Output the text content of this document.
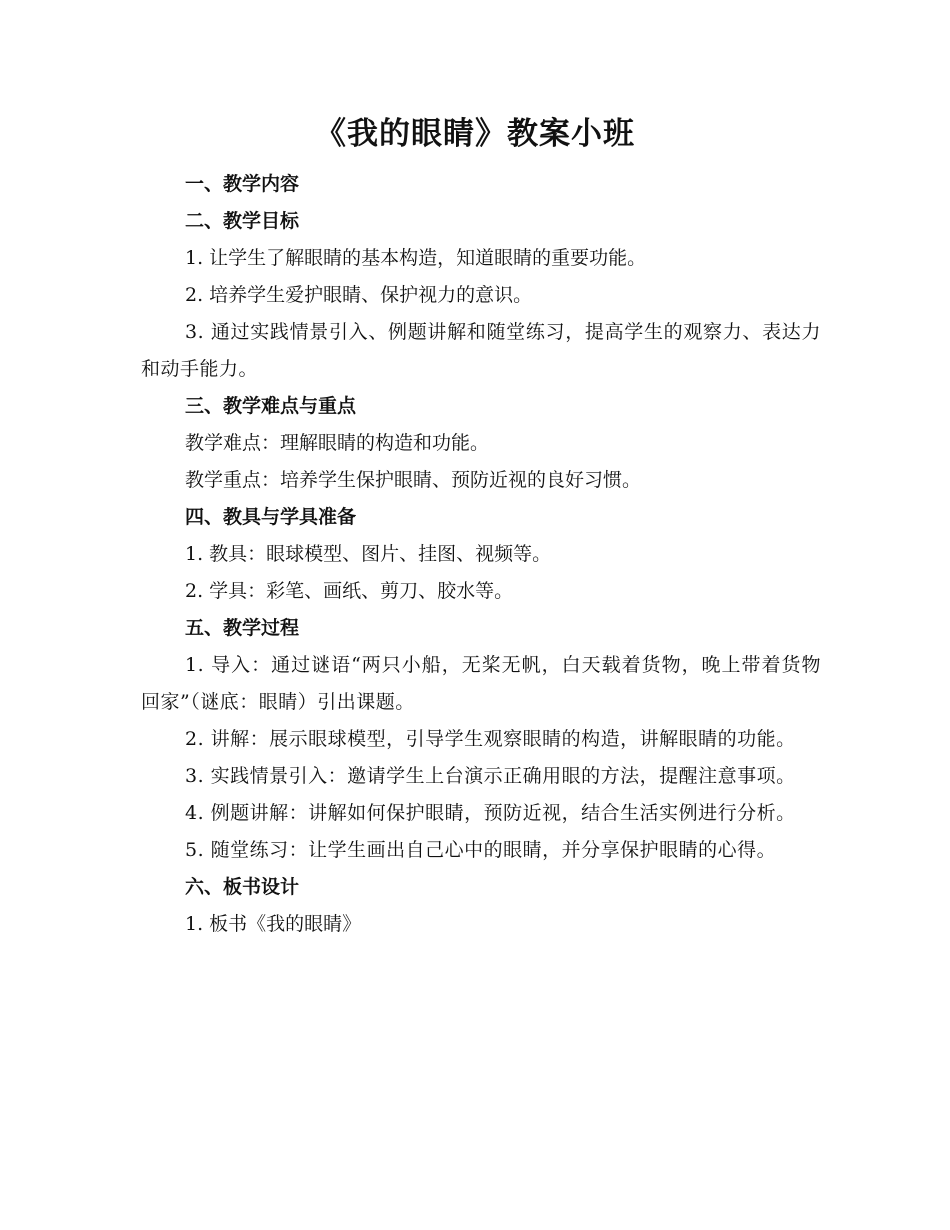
《我的眼睛》教案小班

一、教学内容

二、教学目标

1. 让学生了解眼睛的基本构造，知道眼睛的重要功能。

2. 培养学生爱护眼睛、保护视力的意识。

3. 通过实践情景引入、例题讲解和随堂练习，提高学生的观察力、表达力和动手能力。

三、教学难点与重点

教学难点：理解眼睛的构造和功能。

教学重点：培养学生保护眼睛、预防近视的良好习惯。

四、教具与学具准备

1. 教具：眼球模型、图片、挂图、视频等。

2. 学具：彩笔、画纸、剪刀、胶水等。

五、教学过程

1. 导入：通过谜语“两只小船，无桨无帆，白天载着货物，晚上带着货物回家”（谜底：眼睛）引出课题。

2. 讲解：展示眼球模型，引导学生观察眼睛的构造，讲解眼睛的功能。

3. 实践情景引入：邀请学生上台演示正确用眼的方法，提醒注意事项。

4. 例题讲解：讲解如何保护眼睛，预防近视，结合生活实例进行分析。

5. 随堂练习：让学生画出自己心中的眼睛，并分享保护眼睛的心得。

六、板书设计

1. 板书《我的眼睛》
